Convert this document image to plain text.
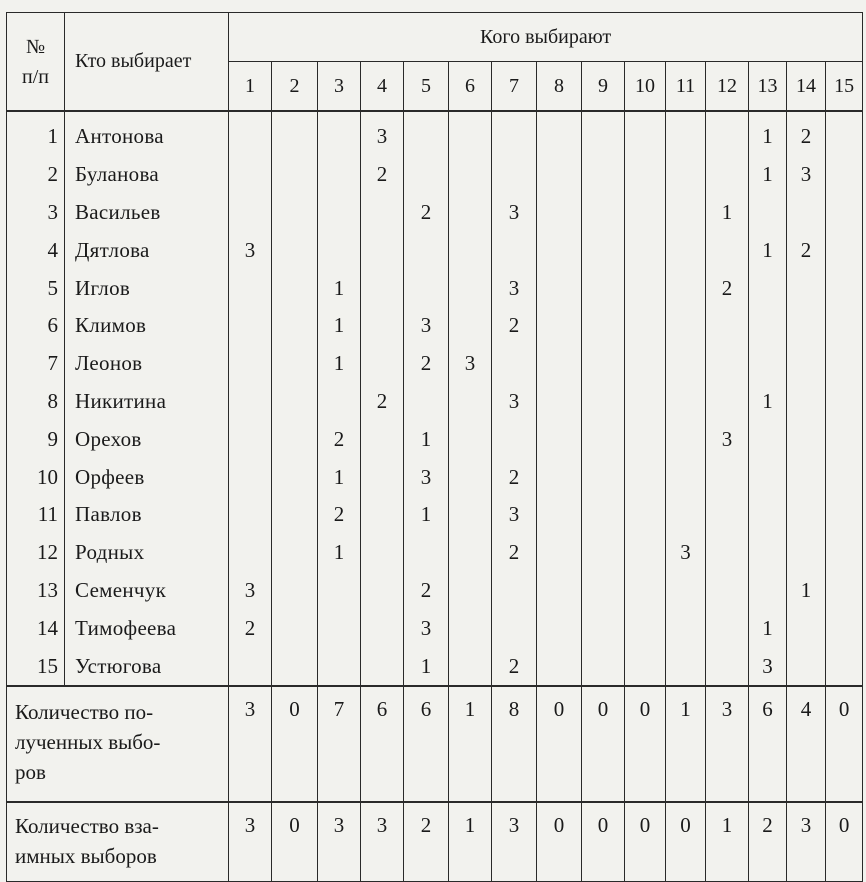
№
п/п	Кто выбирает	Кого выбирают														
		1	2	3	4	5	6	7	8	9	10	11	12	13	14	15
1	Антонова				3									1	2	
2	Буланова				2									1	3	
3	Васильев					2		3					1			
4	Дятлова	3												1	2	
5	Иглов			1				3					2			
6	Климов			1		3		2								
7	Леонов			1		2	3									
8	Никитина				2			3						1		
9	Орехов			2		1							3			
10	Орфеев			1		3		2								
11	Павлов			2		1		3								
12	Родных			1				2				3				
13	Семенчук	3				2									1	
14	Тимофеева	2				3								1		
15	Устюгова					1		2						3		
Количество по-
лученных выбо-
ров		3	0	7	6	6	1	8	0	0	0	1	3	6	4	0
Количество вза-
имных выборов		3	0	3	3	2	1	3	0	0	0	0	1	2	3	0
